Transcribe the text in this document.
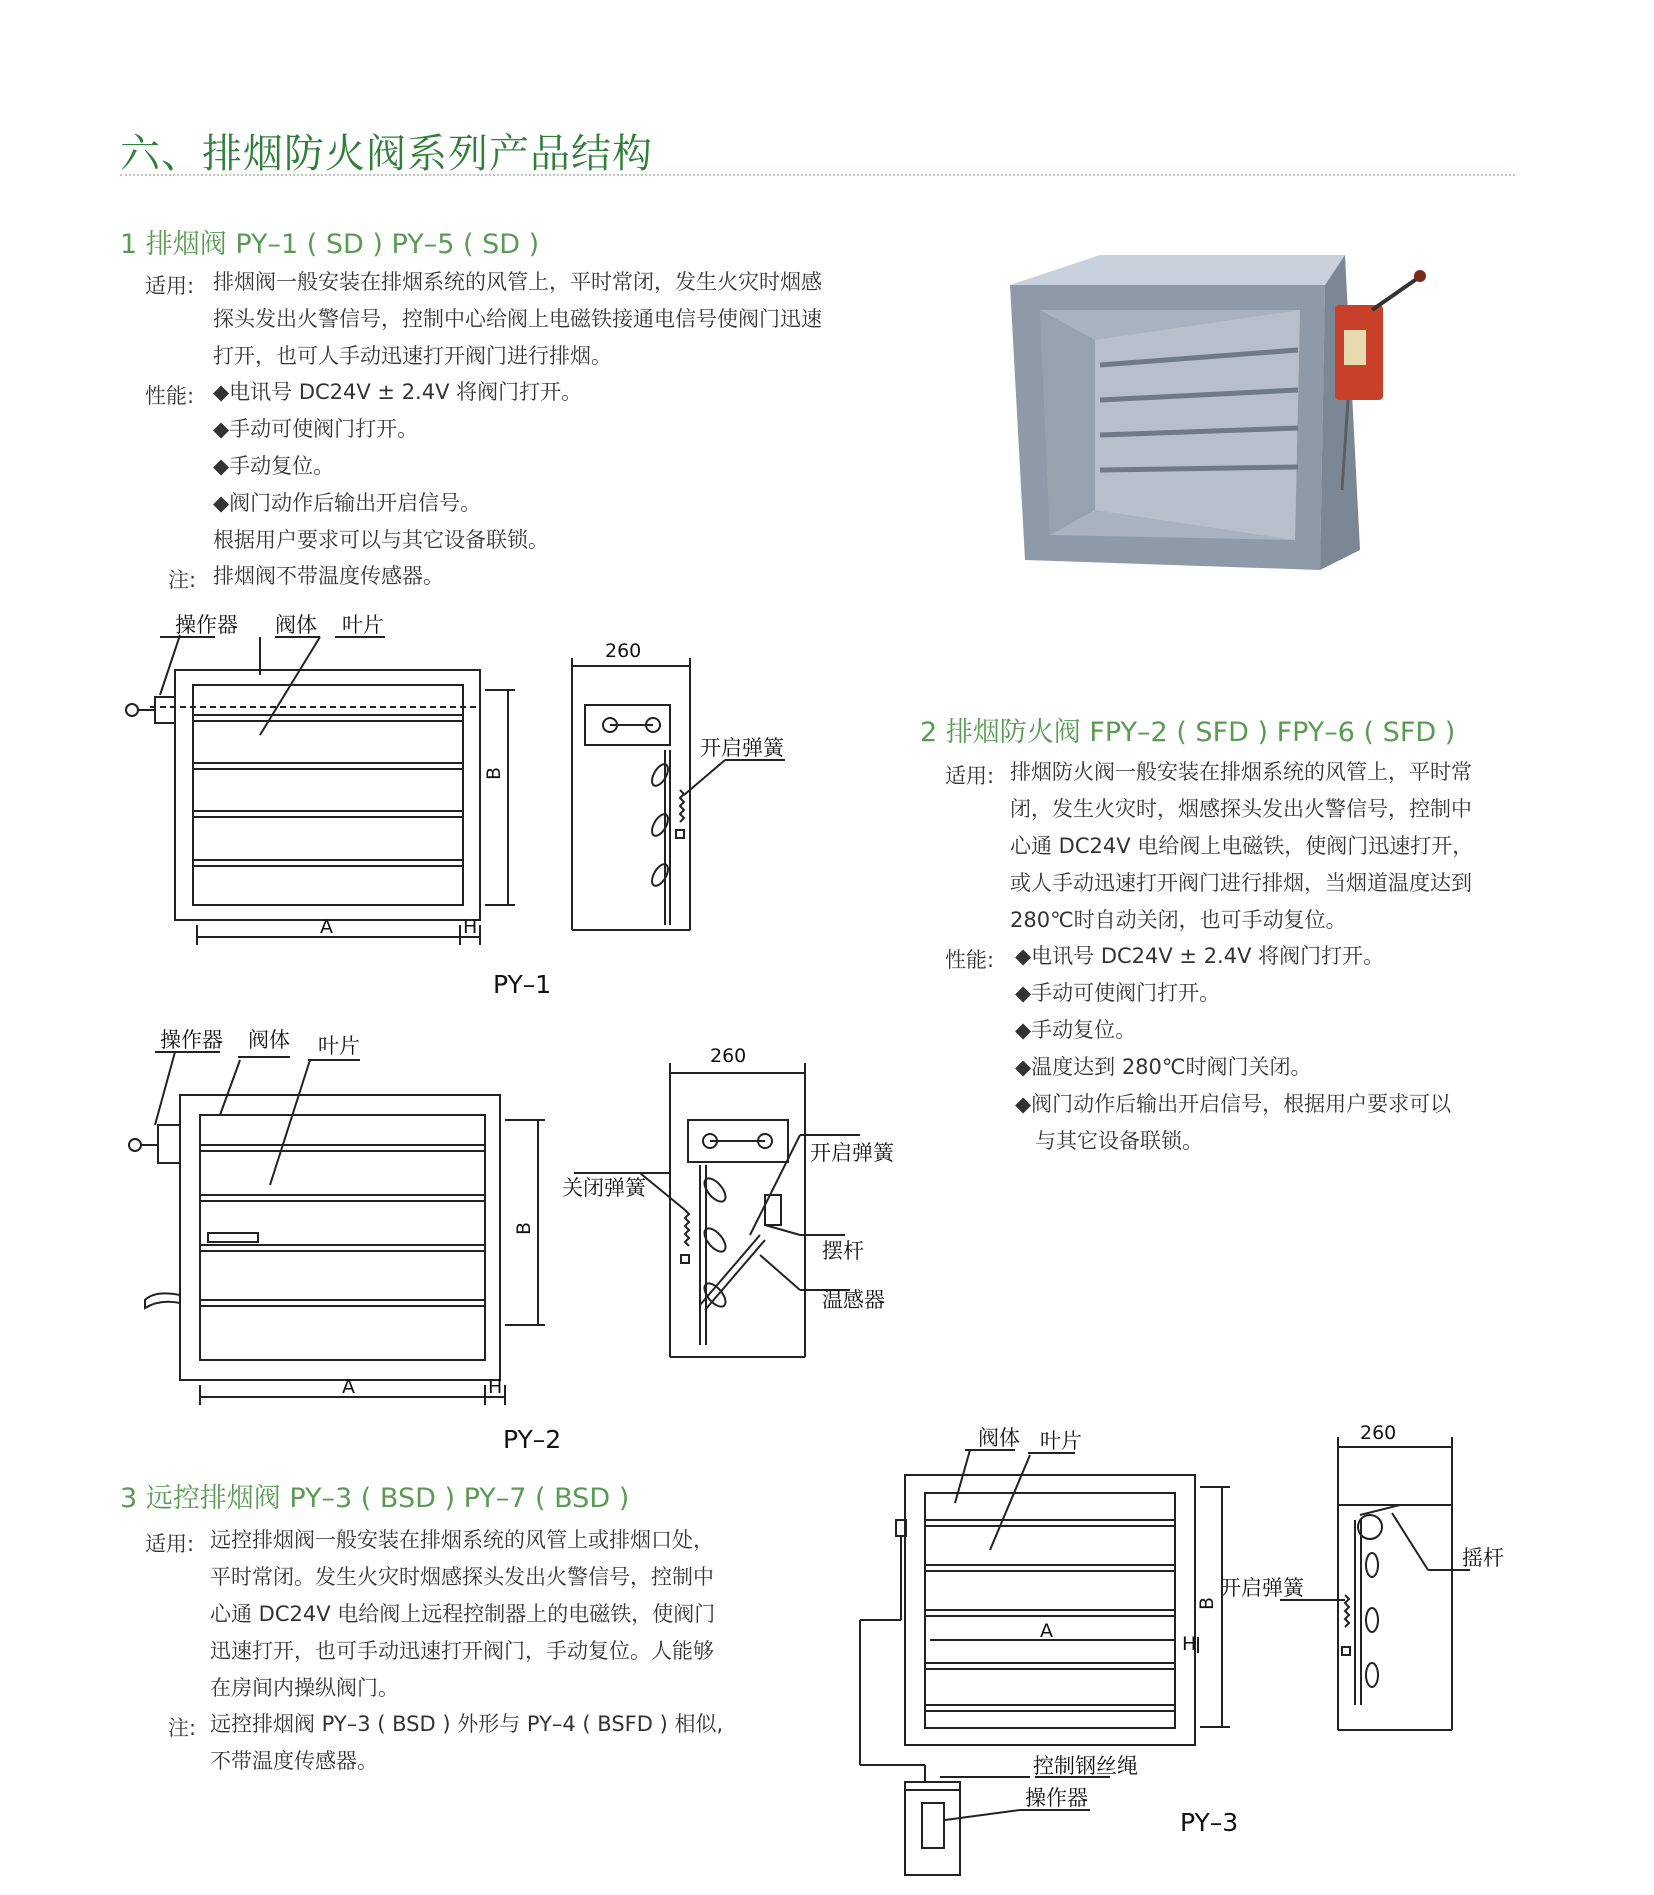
六、排烟防火阀系列产品结构
1 排烟阀 PY–1 ( SD ) PY–5 ( SD )
适用: 排烟阀一般安装在排烟系统的风管上，平时常闭，发生火灾时烟感
探头发出火警信号，控制中心给阀上电磁铁接通电信号使阀门迅速
打开，也可人手动迅速打开阀门进行排烟。
性能: ◆电讯号 DC24V ± 2.4V 将阀门打开。
◆手动可使阀门打开。
◆手动复位。
◆阀门动作后输出开启信号。
根据用户要求可以与其它设备联锁。
注: 排烟阀不带温度传感器。
操作器 阀体 叶片
A	H
B
260
开启弹簧
PY–1
2 排烟防火阀 FPY–2 ( SFD ) FPY–6 ( SFD )
适用: 排烟防火阀一般安装在排烟系统的风管上，平时常
闭，发生火灾时，烟感探头发出火警信号，控制中
心通 DC24V 电给阀上电磁铁，使阀门迅速打开，
或人手动迅速打开阀门进行排烟，当烟道温度达到
280℃时自动关闭，也可手动复位。
性能: ◆电讯号 DC24V ± 2.4V 将阀门打开。
◆手动可使阀门打开。
◆手动复位。
◆温度达到 280℃时阀门关闭。
◆阀门动作后输出开启信号，根据用户要求可以
与其它设备联锁。
操作器 阀体 叶片
A	H
B
260
开启弹簧
关闭弹簧
摆杆
温感器
PY–2
3 远控排烟阀 PY–3 ( BSD ) PY–7 ( BSD )
适用: 远控排烟阀一般安装在排烟系统的风管上或排烟口处，
平时常闭。发生火灾时烟感探头发出火警信号，控制中
心通 DC24V 电给阀上远程控制器上的电磁铁，使阀门
迅速打开，也可手动迅速打开阀门，手动复位。人能够
在房间内操纵阀门。
注: 远控排烟阀 PY–3 ( BSD ) 外形与 PY–4 ( BSFD ) 相似,
不带温度传感器。
阀体 叶片
A
H
B
控制钢丝绳
操作器
260
摇杆
开启弹簧
PY–3
